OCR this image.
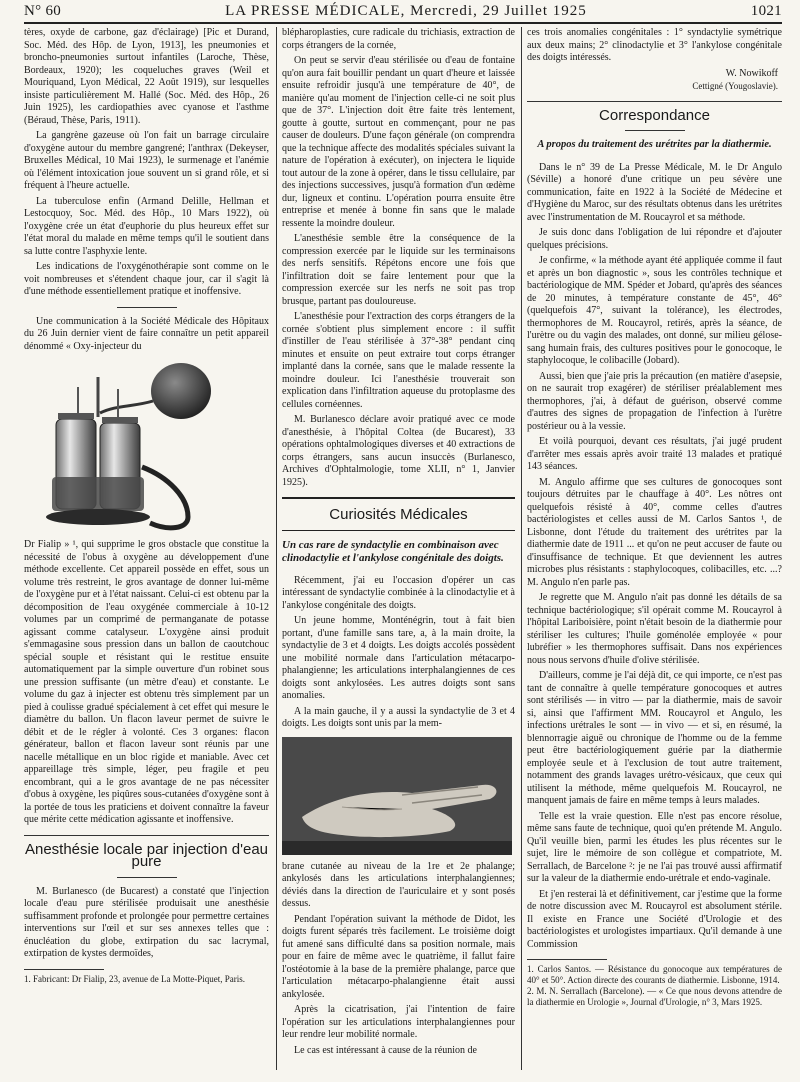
N° 60	LA PRESSE MÉDICALE, Mercredi, 29 Juillet 1925	1021

tères, oxyde de carbone, gaz d'éclairage) [Pic et Durand, Soc. Méd. des Hôp. de Lyon, 1913], les pneumonies et broncho-pneumonies surtout infantiles (Laroche, Thèse, Bordeaux, 1920); les coqueluches graves (Weil et Mouriquand, Lyon Médical, 22 Août 1919), sur lesquelles insiste particulièrement M. Hallé (Soc. Méd. des Hôp., 26 Juin 1925), les cardiopathies avec cyanose et l'asthme (Béraud, Thèse, Paris, 1911).

La gangrène gazeuse où l'on fait un barrage circulaire d'oxygène autour du membre gangrené; l'anthrax (Dekeyser, Bruxelles Médical, 10 Mai 1923), le surmenage et l'anémie où l'élément intoxication joue souvent un si grand rôle, et si fréquent à l'heure actuelle.

La tuberculose enfin (Armand Delille, Hellman et Lestocquoy, Soc. Méd. des Hôp., 10 Mars 1922), où l'oxygène crée un état d'euphorie du plus heureux effet sur l'état moral du malade en même temps qu'il le soutient dans sa lutte contre l'asphyxie lente.

Les indications de l'oxygénothérapie sont comme on le voit nombreuses et s'étendent chaque jour, car il s'agit là d'une méthode essentiellement pratique et inoffensive.

Une communication à la Société Médicale des Hôpitaux du 26 Juin dernier vient de faire connaître un petit appareil dénommé « Oxy-injecteur du

Dr Fialip » ¹, qui supprime le gros obstacle que constitue la nécessité de l'obus à oxygène au développement d'une méthode excellente. Cet appareil possède en effet, sous un volume très restreint, le gros avantage de donner lui-même de l'oxygène pur et à l'état naissant. Celui-ci est obtenu par la décomposition de l'eau oxygénée commerciale à 10-12 volumes par un comprimé de permanganate de potasse agissant comme catalyseur. L'oxygène ainsi produit s'emmagasine sous pression dans un ballon de caoutchouc spécial souple et résistant qui le restitue ensuite automatiquement par la simple ouverture d'un robinet sous une pression suffisante (un mètre d'eau) et constante. Le volume du gaz à injecter est obtenu très simplement par un pied à coulisse gradué spécialement à cet effet qui mesure le diamètre du ballon. Un flacon laveur permet de suivre le débit et de le régler à volonté. Ces 3 organes: flacon générateur, ballon et flacon laveur sont réunis par une nacelle métallique en un bloc rigide et maniable. Avec cet appareillage très simple, léger, peu fragile et peu encombrant, qui a le gros avantage de ne pas nécessiter d'obus à oxygène, les piqûres sous-cutanées d'oxygène sont à la portée de tous les praticiens et doivent connaître la faveur que mérite cette médication agissante et inoffensive.

Anesthésie locale par injection d'eau pure

M. Burlanesco (de Bucarest) a constaté que l'injection locale d'eau pure stérilisée produisait une anesthésie suffisamment profonde et prolongée pour permettre certaines interventions sur l'œil et sur ses annexes telles que : énucléation du globe, extirpation du sac lacrymal, extirpation de kystes dermoïdes,

1. Fabricant: Dr Fialip, 23, avenue de La Motte-Piquet, Paris.

blépharoplasties, cure radicale du trichiasis, extraction de corps étrangers de la cornée,

On peut se servir d'eau stérilisée ou d'eau de fontaine qu'on aura fait bouillir pendant un quart d'heure et laissée ensuite refroidir jusqu'à une température de 40°, de manière qu'au moment de l'injection celle-ci ne soit plus que de 37°. L'injection doit être faite très lentement, goutte à goutte, surtout en commençant, pour ne pas causer de douleurs. D'une façon générale (on comprendra que la technique affecte des modalités spéciales suivant la nature de l'opération à exécuter), on injectera le liquide tout autour de la zone à opérer, dans le tissu cellulaire, par des injections successives, jusqu'à formation d'un œdème dur, ligneux et continu. L'opération pourra ensuite être entreprise et menée à bonne fin sans que le malade ressente la moindre douleur.

L'anesthésie semble être la conséquence de la compression exercée par le liquide sur les terminaisons des nerfs sensitifs. Répétons encore une fois que l'infiltration doit se faire lentement pour que la compression exercée sur les nerfs ne soit pas trop brusque, partant pas douloureuse.

L'anesthésie pour l'extraction des corps étrangers de la cornée s'obtient plus simplement encore : il suffit d'instiller de l'eau stérilisée à 37°-38° pendant cinq minutes et ensuite on peut extraire tout corps étranger implanté dans la cornée, sans que le malade ressente la moindre douleur. Ici l'anesthésie trouverait son explication dans l'infiltration aqueuse du protoplasme des cellules cornéennes.

M. Burlanesco déclare avoir pratiqué avec ce mode d'anesthésie, à l'hôpital Coltea (de Bucarest), 33 opérations ophtalmologiques diverses et 40 extractions de corps étrangers, sans aucun insuccès (Burlanesco, Archives d'Ophtalmologie, tome XLII, n° 1, Janvier 1925).

Curiosités Médicales
Un cas rare de syndactylie en combinaison avec clinodactylie et l'ankylose congénitale des doigts.

Récemment, j'ai eu l'occasion d'opérer un cas intéressant de syndactylie combinée à la clinodactylie et à l'ankylose congénitale des doigts.

Un jeune homme, Monténégrin, tout à fait bien portant, d'une famille sans tare, a, à la main droite, la syndactylie de 3 et 4 doigts. Les doigts accolés possèdent une mobilité normale dans l'articulation métacarpo-phalangienne; les articulations interphalangiennes de ces doigts sont ankylosées. Les autres doigts sont sans anomalies.

A la main gauche, il y a aussi la syndactylie de 3 et 4 doigts. Les doigts sont unis par la mem-

brane cutanée au niveau de la 1re et 2e phalange; ankylosés dans les articulations interphalangiennes; déviés dans la direction de l'auriculaire et y sont posés dessus.

Pendant l'opération suivant la méthode de Didot, les doigts furent séparés très facilement. Le troisième doigt fut amené sans difficulté dans sa position normale, mais pour en faire de même avec le quatrième, il fallut faire l'ostéotomie à la base de la première phalange, parce que l'articulation métacarpo-phalangienne était aussi ankylosée.

Après la cicatrisation, j'ai l'intention de faire l'opération sur les articulations interphalangiennes pour leur rendre leur mobilité normale.

Le cas est intéressant à cause de la réunion de

ces trois anomalies congénitales : 1° syndactylie symétrique aux deux mains; 2° clinodactylie et 3° l'ankylose congénitale des doigts intéressés.

W. Nowikoff
Cettigné (Yougoslavie).
Correspondance
A propos du traitement des urétrites par la diathermie.

Dans le n° 39 de La Presse Médicale, M. le Dr Angulo (Séville) a honoré d'une critique un peu sévère une communication, faite en 1922 à la Société de Médecine et d'Hygiène du Maroc, sur des résultats obtenus dans les urétrites avec l'instrumentation de M. Roucayrol et sa méthode.

Je suis donc dans l'obligation de lui répondre et d'ajouter quelques précisions.

Je confirme, « la méthode ayant été appliquée comme il faut et après un bon diagnostic », sous les contrôles technique et bactériologique de MM. Spéder et Jobard, qu'après des séances de 20 minutes, à température constante de 45°, 46° (quelquefois 47°, suivant la tolérance), les électrodes, thermophores de M. Roucayrol, retirés, après la séance, de l'urètre ou du vagin des malades, ont donné, sur milieu gélose-sang humain frais, des cultures positives pour le gonocoque, le staphylocoque, le colibacille (Jobard).

Aussi, bien que j'aie pris la précaution (en matière d'asepsie, on ne saurait trop exagérer) de stériliser préalablement mes thermophores, j'ai, à défaut de guérison, observé comme d'autres des signes de propagation de l'infection à l'urètre postérieur ou à la vessie.

Et voilà pourquoi, devant ces résultats, j'ai jugé prudent d'arrêter mes essais après avoir traité 13 malades et pratiqué 143 séances.

M. Angulo affirme que ses cultures de gonocoques sont toujours détruites par le chauffage à 40°. Les nôtres ont quelquefois résisté à 40°, comme celles d'autres bactériologistes et celles aussi de M. Carlos Santos ¹, de Lisbonne, dont l'étude du traitement des urétrites par la diathermie date de 1911 ... et qu'on ne peut accuser de faute ou d'insuffisance de technique. Et que deviennent les autres microbes plus résistants : staphylocoques, colibacilles, etc. ...? M. Angulo n'en parle pas.

Je regrette que M. Angulo n'ait pas donné les détails de sa technique bactériologique; s'il opérait comme M. Roucayrol à l'hôpital Lariboisière, point n'était besoin de la diathermie pour stériliser les cultures; l'huile goménolée employée « pour lubréfier » les thermophores suffisait. Dans nos expériences nous nous servons d'huile d'olive stérilisée.

D'ailleurs, comme je l'ai déjà dit, ce qui importe, ce n'est pas tant de connaître à quelle température gonocoques et autres sont stérilisés — in vitro — par la diathermie, mais de savoir si, ainsi que l'affirment MM. Roucayrol et Angulo, les infections urétrales le sont — in vivo — et si, en résumé, la blennorragie aiguë ou chronique de l'homme ou de la femme peut être bactériologiquement guérie par la diathermie employée seule et à l'exclusion de tout autre traitement, notamment des grands lavages urétro-vésicaux, que ceux qui utilisent la méthode, même quelquefois M. Roucayrol, ne manquent jamais de faire en même temps à leurs malades.

Telle est la vraie question. Elle n'est pas encore résolue, même sans faute de technique, quoi qu'en prétende M. Angulo. Qu'il veuille bien, parmi les études les plus récentes sur le sujet, lire le mémoire de son collègue et compatriote, M. Serrallach, de Barcelone ²: je ne l'ai pas trouvé aussi affirmatif sur la valeur de la diathermie endo-urétrale et endo-vaginale.

Et j'en resterai là et définitivement, car j'estime que la forme de notre discussion avec M. Roucayrol est absolument stérile. Il existe en France une Société d'Urologie et des bactériologistes et urologistes impartiaux. Qu'il demande à une Commission

1. Carlos Santos. — Résistance du gonocoque aux températures de 40° et 50°. Action directe des courants de diathermie. Lisbonne, 1914.

2. M. N. Serrallach (Barcelone). — « Ce que nous devons attendre de la diathermie en Urologie », Journal d'Urologie, n° 3, Mars 1925.
